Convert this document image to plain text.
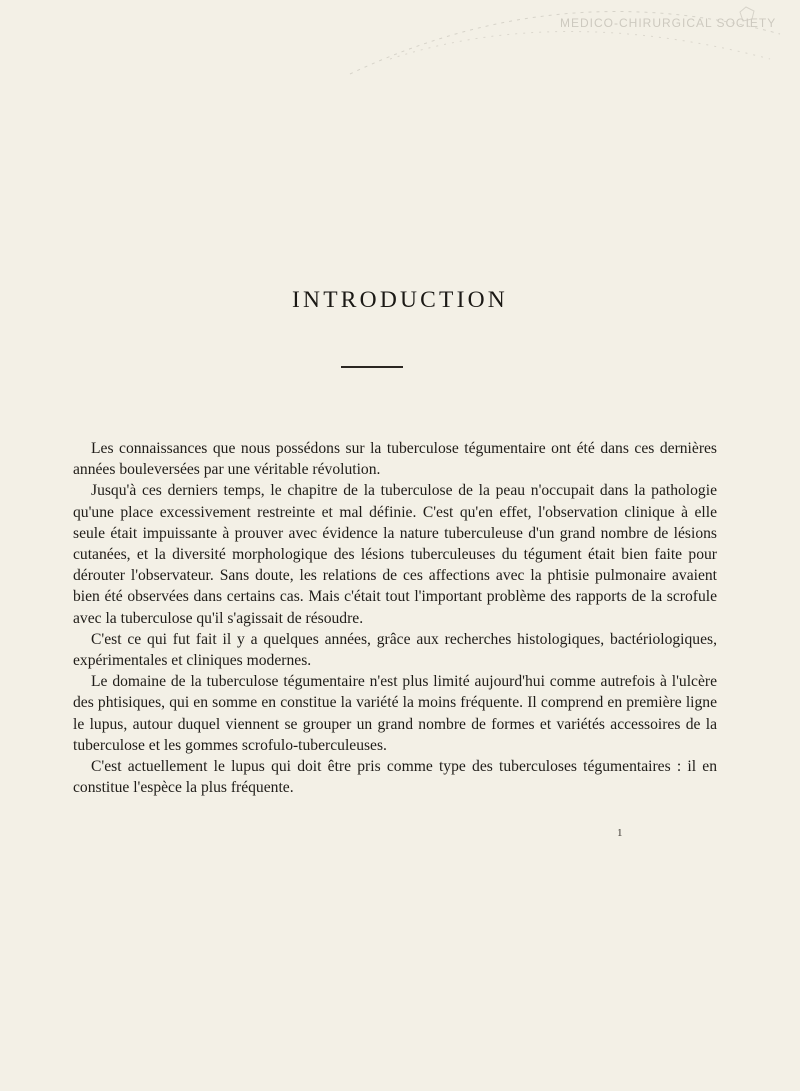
MEDICO-CHIRURGICAL SOCIETY
INTRODUCTION

Les connaissances que nous possédons sur la tuberculose tégumentaire ont été dans ces dernières années bouleversées par une véritable révolution.

Jusqu'à ces derniers temps, le chapitre de la tuberculose de la peau n'occupait dans la pathologie qu'une place excessivement restreinte et mal définie. C'est qu'en effet, l'observation clinique à elle seule était impuissante à prouver avec évidence la nature tuberculeuse d'un grand nombre de lésions cutanées, et la diversité morphologique des lésions tuberculeuses du tégument était bien faite pour dérouter l'observateur. Sans doute, les relations de ces affections avec la phtisie pulmonaire avaient bien été observées dans certains cas. Mais c'était tout l'important problème des rapports de la scrofule avec la tuberculose qu'il s'agissait de résoudre.

C'est ce qui fut fait il y a quelques années, grâce aux recherches histologiques, bactériologiques, expérimentales et cliniques modernes.

Le domaine de la tuberculose tégumentaire n'est plus limité aujourd'hui comme autrefois à l'ulcère des phtisiques, qui en somme en constitue la variété la moins fréquente. Il comprend en première ligne le lupus, autour duquel viennent se grouper un grand nombre de formes et variétés accessoires de la tuberculose et les gommes scrofulo-tuberculeuses.

C'est actuellement le lupus qui doit être pris comme type des tuberculoses tégumentaires : il en constitue l'espèce la plus fréquente.

1
